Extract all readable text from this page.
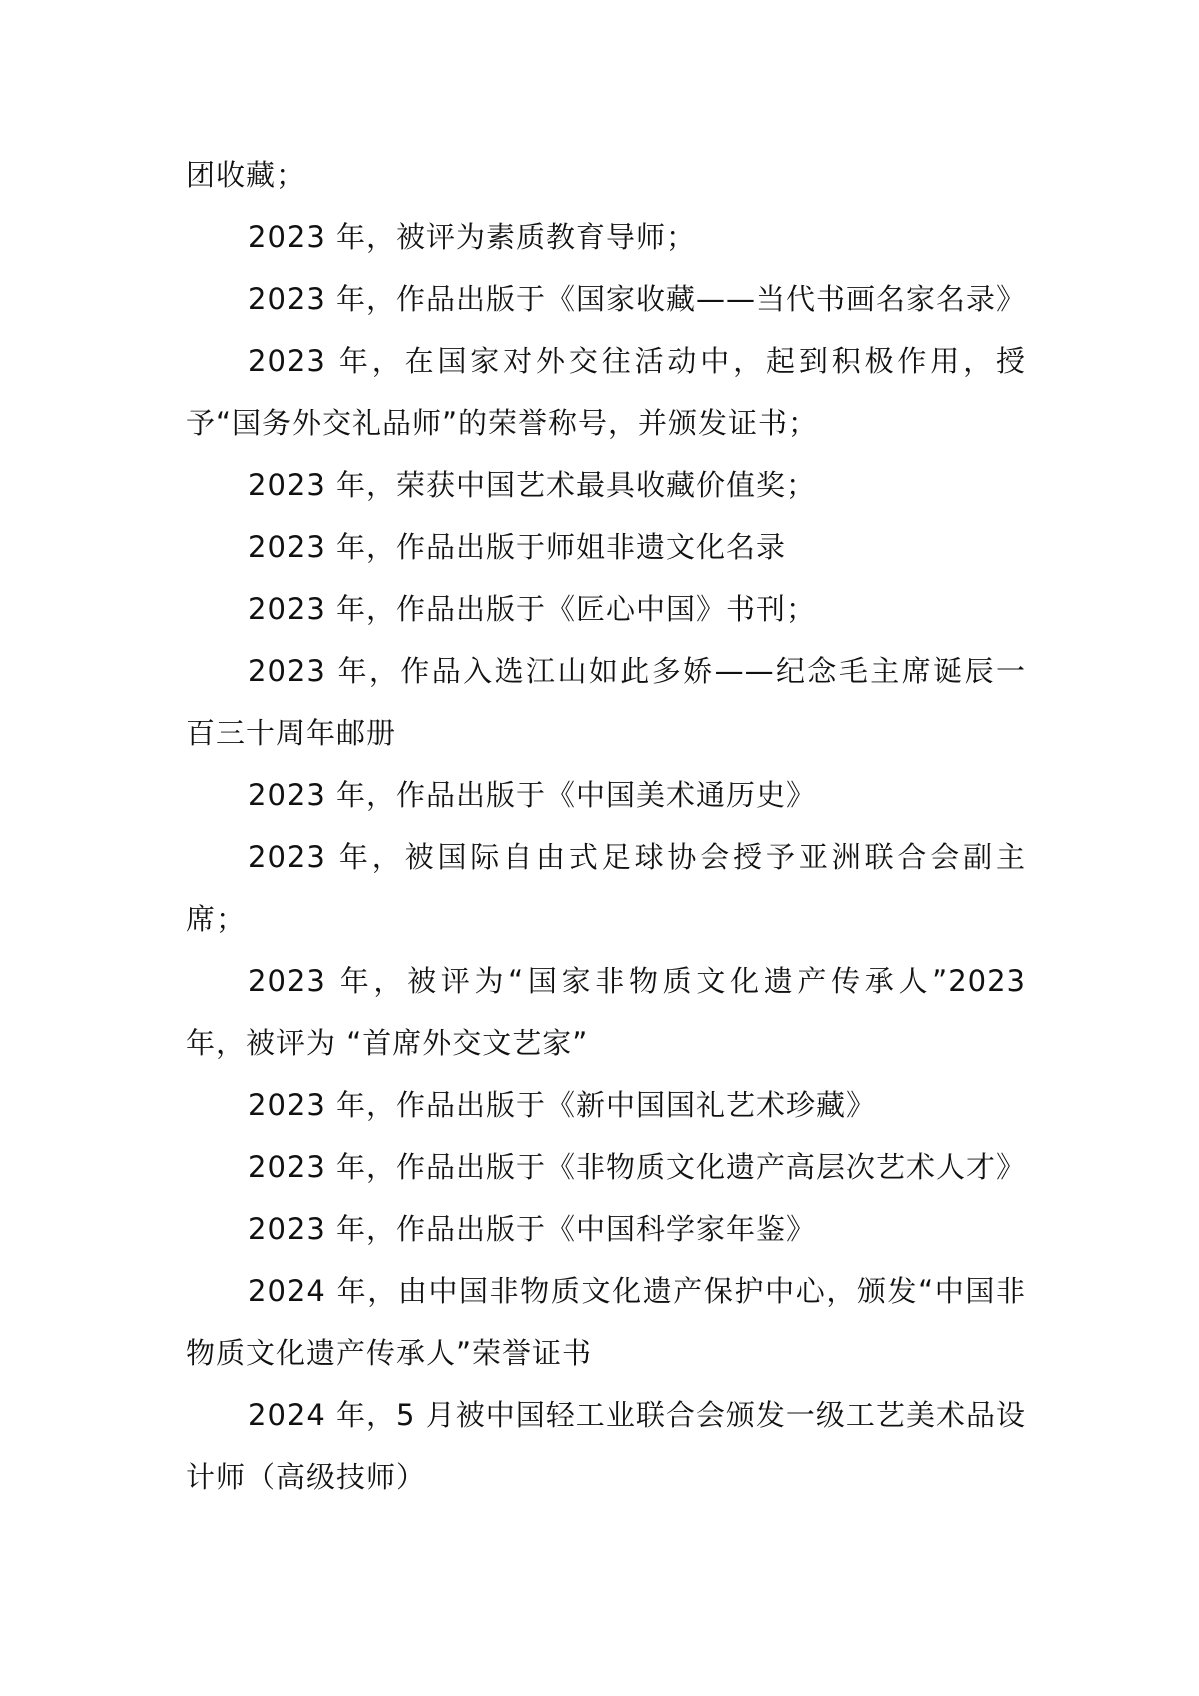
团收藏；

2023 年，被评为素质教育导师；

2023 年，作品出版于《国家收藏——当代书画名家名录》

2023 年，在国家对外交往活动中，起到积极作用，授予“国务外交礼品师”的荣誉称号，并颁发证书；

2023 年，荣获中国艺术最具收藏价值奖；

2023 年，作品出版于师姐非遗文化名录

2023 年，作品出版于《匠心中国》书刊；

2023 年，作品入选江山如此多娇——纪念毛主席诞辰一百三十周年邮册

2023 年，作品出版于《中国美术通历史》

2023 年，被国际自由式足球协会授予亚洲联合会副主席；

2023 年，被评为“国家非物质文化遗产传承人”2023 年，被评为 “首席外交文艺家”

2023 年，作品出版于《新中国国礼艺术珍藏》

2023 年，作品出版于《非物质文化遗产高层次艺术人才》

2023 年，作品出版于《中国科学家年鉴》

2024 年，由中国非物质文化遗产保护中心，颁发“中国非物质文化遗产传承人”荣誉证书

2024 年，5 月被中国轻工业联合会颁发一级工艺美术品设计师（高级技师）
